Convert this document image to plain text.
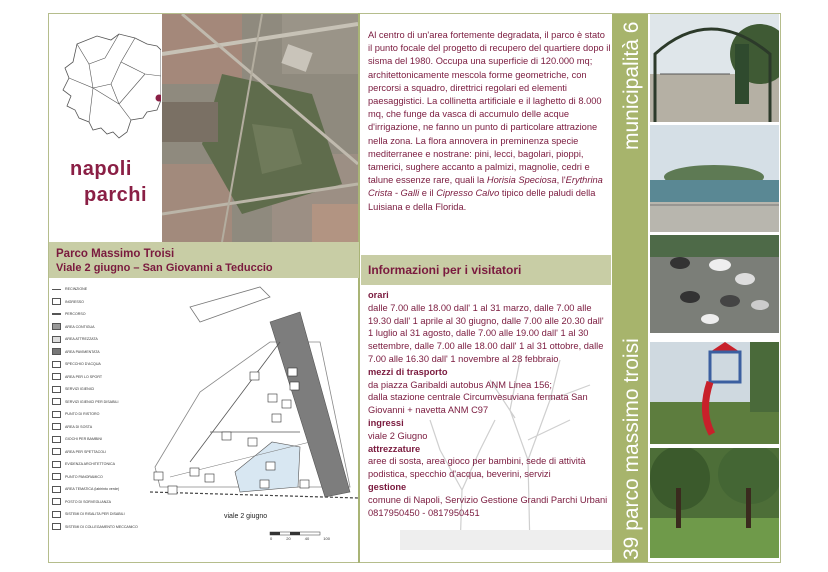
napoli
parchi
Parco Massimo Troisi
Viale 2 giugno – San Giovanni a Teduccio
RECINZIONE
INGRESSO
PERCORSO
AREA CONTIGUA
AREA ATTREZZATA
AREA PAVIMENTATA
SPECCHIO D'ACQUA
AREA PER LO SPORT
SERVIZI IGIENICI
SERVIZI IGIENICI PER DISABILI
PUNTO DI RISTORO
AREA DI SOSTA
GIOCHI PER BAMBINI
AREA PER SPETTACOLI
EVIDENZA ARCHITETTONICA
PUNTO PANORAMICO
AREA TEMATICA (labirinto verde)
POSTO DI SORVEGLIANZA
SISTEMI DI RISALITA PER DISABILI
SISTEMI DI COLLEGAMENTO MECCANICO
viale 2 giugno
0	20	40	100
Al centro di un'area fortemente degradata, il parco è stato il punto focale del progetto di recupero del quartiere dopo il sisma del 1980. Occupa una superficie di 120.000 mq; architettonicamente mescola forme geometriche, con percorsi a squadro, direttrici regolari ed elementi paesaggistici. La collinetta artificiale e il laghetto di 8.000 mq, che funge da vasca di accumulo delle acque d'irrigazione, ne fanno un punto di particolare attrazione nella zona. La flora annovera in preminenza specie mediterranee e nostrane: pini, lecci, bagolari, pioppi, tamerici, sughere accanto a palmizi, magnolie, cedri e talune essenze rare, quali la Horisia Speciosa, l'Erythrina Crista - Galli e il Cipresso Calvo tipico delle paludi della Luisiana e della Florida.
Informazioni per i visitatori
orari
dalle 7.00 alle 18.00 dall' 1 al 31 marzo, dalle 7.00 alle 19.30 dall' 1 aprile al 30 giugno, dalle 7.00 alle 20.30 dall' 1 luglio al 31 agosto, dalle 7.00 alle 19.00 dall' 1 al 30 settembre, dalle 7.00 alle 18.00 dall' 1 al 31 ottobre, dalle 7.00 alle 16.30 dall' 1 novembre al 28 febbraio
mezzi di trasporto
da piazza Garibaldi autobus ANM Linea 156;
dalla stazione centrale Circumvesuviana fermata San Giovanni + navetta ANM C97
ingressi
viale 2 Giugno
attrezzature
aree di sosta, area gioco per bambini, sede di attività podistica, specchio d'acqua, beverini, servizi
gestione
comune di Napoli, Servizio Gestione Grandi Parchi Urbani 0817950450 - 0817950451
municipalità 6
39 parco massimo troisi
